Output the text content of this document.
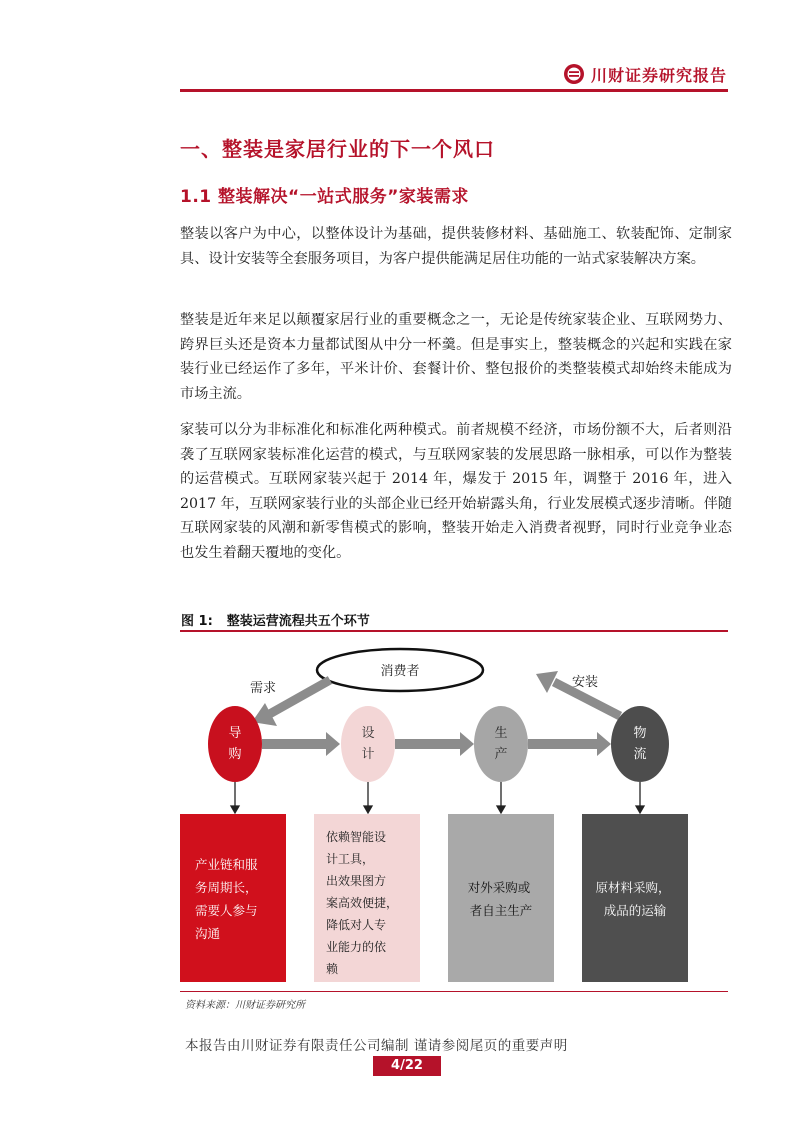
川财证券研究报告
一、整装是家居行业的下一个风口
1.1 整装解决“一站式服务”家装需求

整装以客户为中心，以整体设计为基础，提供装修材料、基础施工、软装配饰、定制家具、设计安装等全套服务项目，为客户提供能满足居住功能的一站式家装解决方案。

整装是近年来足以颠覆家居行业的重要概念之一，无论是传统家装企业、互联网势力、跨界巨头还是资本力量都试图从中分一杯羹。但是事实上，整装概念的兴起和实践在家装行业已经运作了多年，平米计价、套餐计价、整包报价的类整装模式却始终未能成为市场主流。

家装可以分为非标准化和标准化两种模式。前者规模不经济，市场份额不大，后者则沿袭了互联网家装标准化运营的模式，与互联网家装的发展思路一脉相承，可以作为整装的运营模式。互联网家装兴起于 2014 年，爆发于 2015 年，调整于 2016 年，进入 2017 年，互联网家装行业的头部企业已经开始崭露头角，行业发展模式逐步清晰。伴随互联网家装的风潮和新零售模式的影响，整装开始走入消费者视野，同时行业竞争业态也发生着翻天覆地的变化。

图 1: 整装运营流程共五个环节
消费者
需求	安装
导
购
设
计
生
产
物
流
产业链和服 务周期长， 需要人参与 沟通
依赖智能设 计工具， 出效果图方 案高效便捷， 降低对人专 业能力的依 赖
对外采购或 者自主生产
原材料采购， 成品的运输
资料来源：川财证券研究所
本报告由川财证券有限责任公司编制 谨请参阅尾页的重要声明
4/22
